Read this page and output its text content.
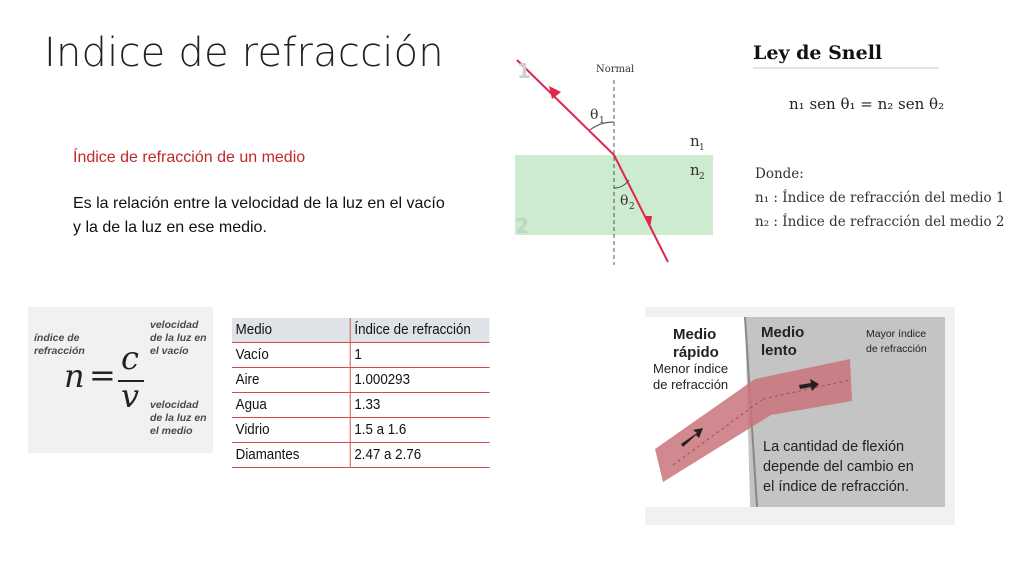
Indice de refracción
Índice de refracción de un medio
Es la relación entre la velocidad de la luz en el vacío y la de la luz en ese medio.
1
2
Normal
θ 1
θ 2
n 1
n 2
Ley de Snell
n₁ sen θ₁ = n₂ sen θ₂
Donde:
n₁ : Índice de refracción del medio 1
n₂ : Índice de refracción del medio 2
índice de refracción
velocidad de la luz en el vacío
velocidad de la luz en el medio
n = c
v
Medio	Índice de refracción
Vacío	1
Aire	1.000293
Agua	1.33
Vidrio	1.5 a 1.6
Diamantes	2.47 a 2.76
Medio
rápido
Menor índice
de refracción
Medio
lento
Mayor índice
de refracción
La cantidad de flexión
depende del cambio en
el índice de refracción.
